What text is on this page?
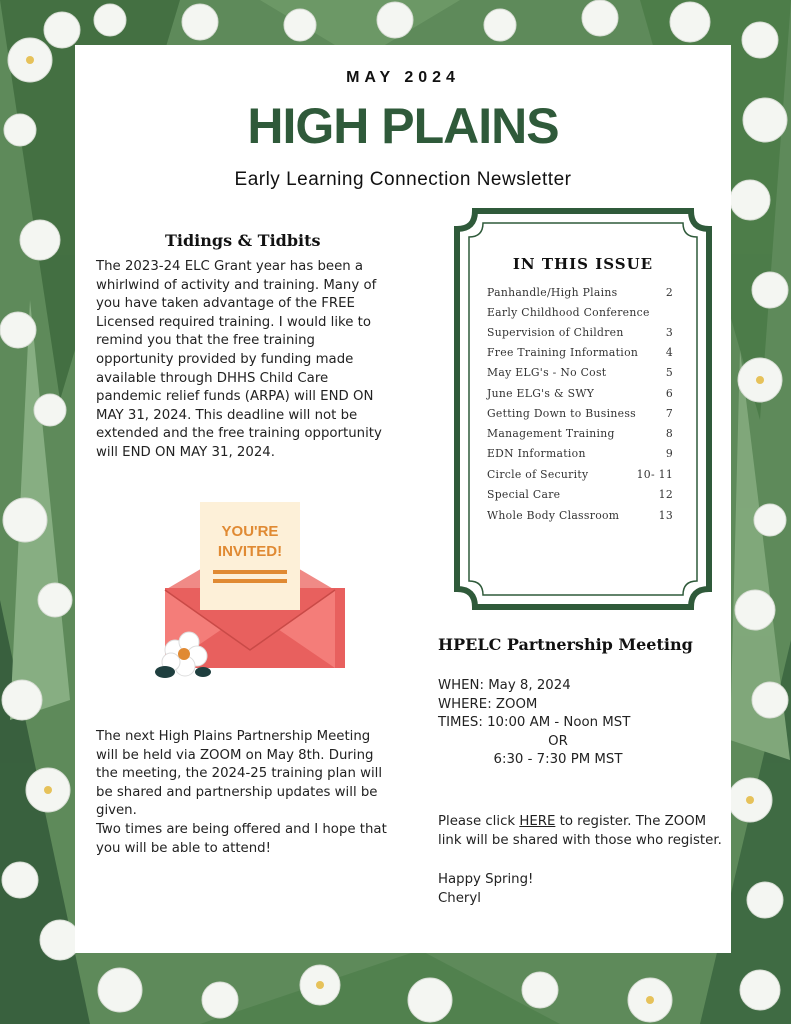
MAY 2024
HIGH PLAINS
Early Learning Connection Newsletter
Tidings & Tidbits
The 2023-24 ELC Grant year has been a
whirlwind of activity and training. Many of
you have taken advantage of the FREE
Licensed required training. I would like to
remind you that the free training
opportunity provided by funding made
available through DHHS Child Care
pandemic relief funds (ARPA) will END ON
MAY 31, 2024. This deadline will not be
extended and the free training opportunity
will END ON MAY 31, 2024.
YOU'RE
INVITED!
The next High Plains Partnership Meeting
will be held via ZOOM on May 8th. During
the meeting, the 2024-25 training plan will
be shared and partnership updates will be
given.
Two times are being offered and I hope that
you will be able to attend!
IN THIS ISSUE
Panhandle/High Plains	2
Early Childhood Conference
Supervision of Children	3
Free Training Information	4
May ELG's - No Cost	5
June ELG's & SWY	6
Getting Down to Business	7
Management Training	8
EDN Information	9
Circle of Security	10- 11
Special Care	12
Whole Body Classroom	13
HPELC Partnership Meeting
WHEN: May 8, 2024
WHERE: ZOOM
TIMES: 10:00 AM - Noon MST
OR
6:30 - 7:30 PM MST
Please click HERE to register. The ZOOM
link will be shared with those who register.
Happy Spring!
Cheryl
